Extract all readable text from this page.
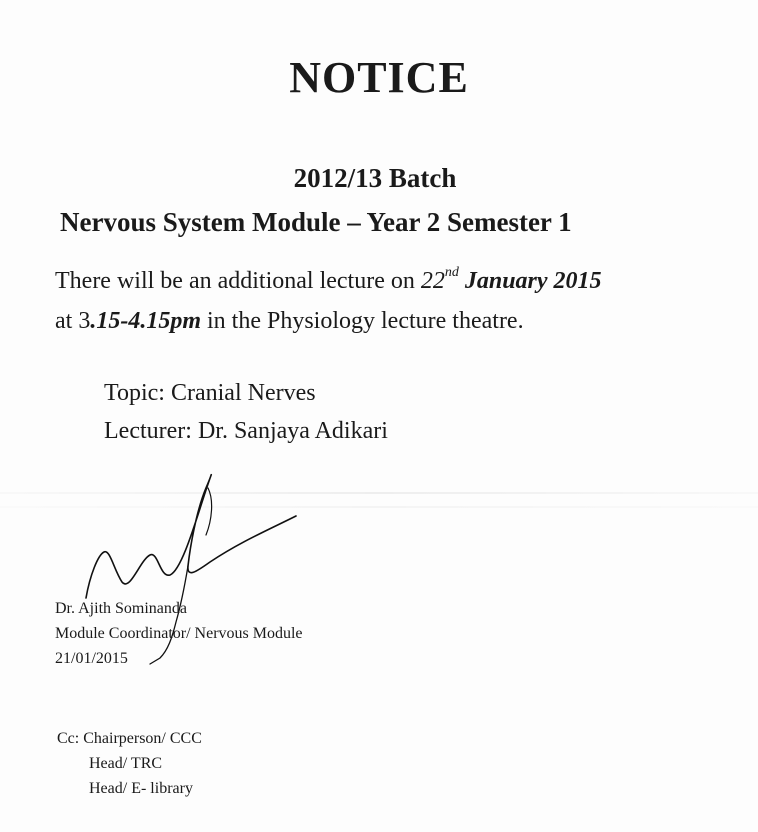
NOTICE
2012/13 Batch
Nervous System Module – Year 2 Semester 1
There will be an additional lecture on 22nd January 2015
at 3.15-4.15pm in the Physiology lecture theatre.
Topic: Cranial Nerves
Lecturer: Dr. Sanjaya Adikari
Dr. Ajith Sominanda
Module Coordinator/ Nervous Module
21/01/2015
Cc: Chairperson/ CCC
Head/ TRC
Head/ E- library
